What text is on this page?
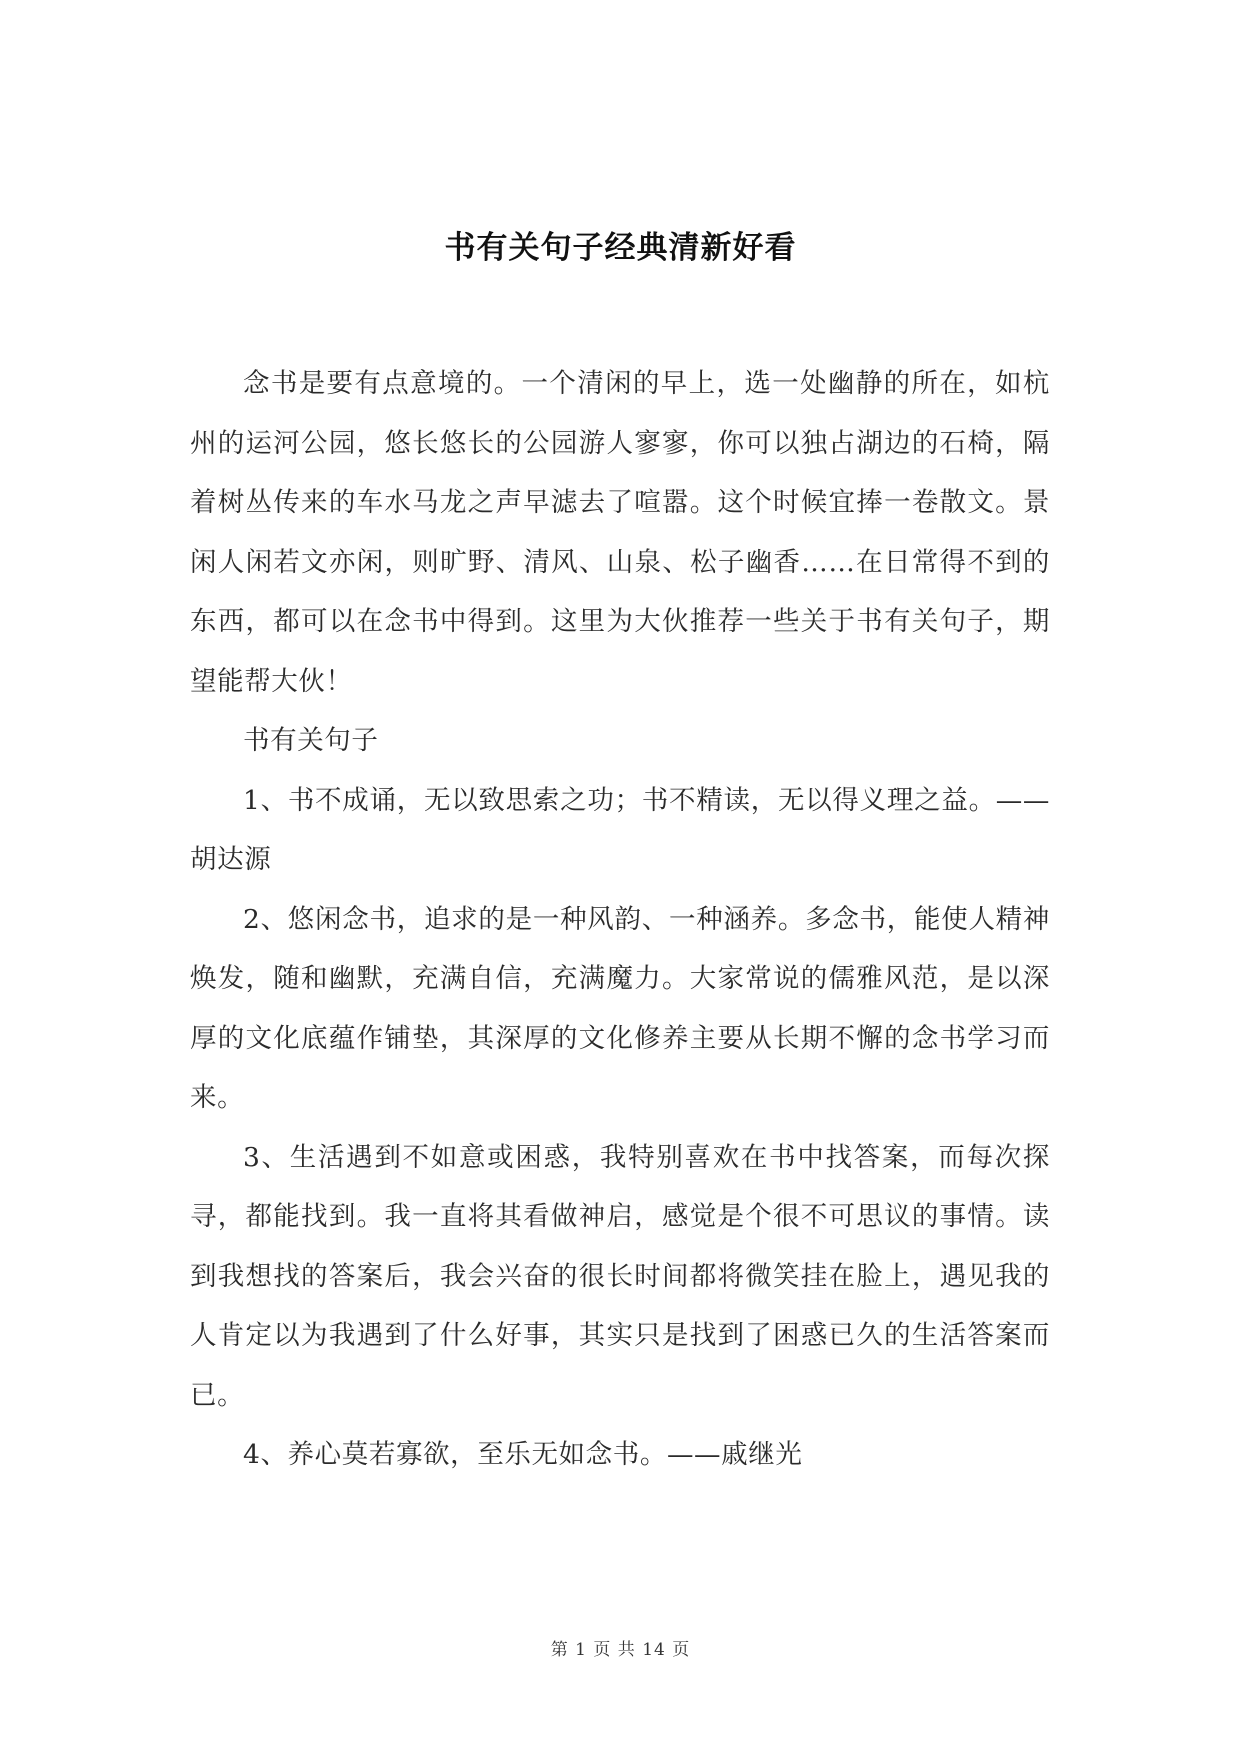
书有关句子经典清新好看

念书是要有点意境的。一个清闲的早上，选一处幽静的所在，如杭州的运河公园，悠长悠长的公园游人寥寥，你可以独占湖边的石椅，隔着树丛传来的车水马龙之声早滤去了喧嚣。这个时候宜捧一卷散文。景闲人闲若文亦闲，则旷野、清风、山泉、松子幽香……在日常得不到的东西，都可以在念书中得到。这里为大伙推荐一些关于书有关句子，期望能帮大伙！

书有关句子

1、书不成诵，无以致思索之功；书不精读，无以得义理之益。——胡达源

2、悠闲念书，追求的是一种风韵、一种涵养。多念书，能使人精神焕发，随和幽默，充满自信，充满魔力。大家常说的儒雅风范，是以深厚的文化底蕴作铺垫，其深厚的文化修养主要从长期不懈的念书学习而来。

3、生活遇到不如意或困惑，我特别喜欢在书中找答案，而每次探寻，都能找到。我一直将其看做神启，感觉是个很不可思议的事情。读到我想找的答案后，我会兴奋的很长时间都将微笑挂在脸上，遇见我的人肯定以为我遇到了什么好事，其实只是找到了困惑已久的生活答案而已。

4、养心莫若寡欲，至乐无如念书。——戚继光

第 1 页 共 14 页
